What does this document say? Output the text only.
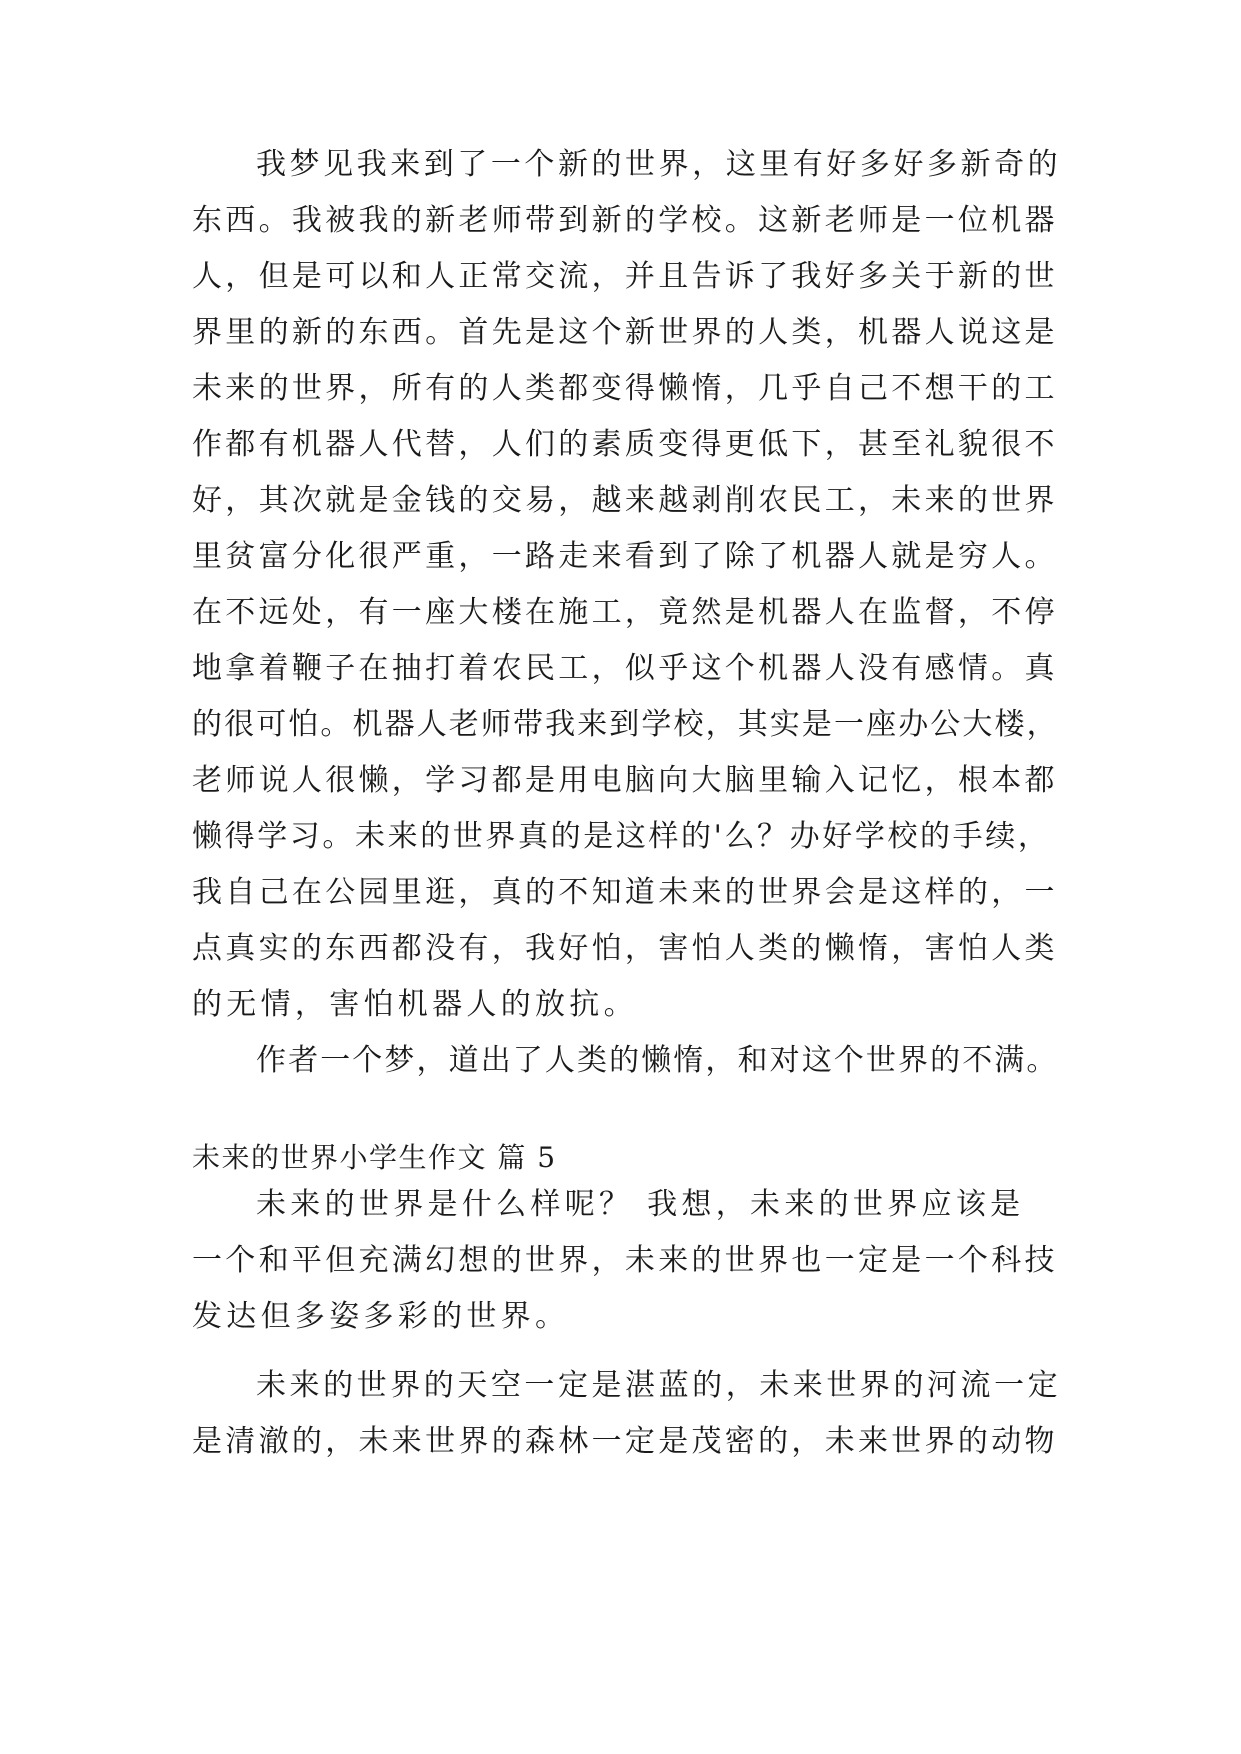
我梦见我来到了一个新的世界，这里有好多好多新奇的
东西。我被我的新老师带到新的学校。这新老师是一位机器
人，但是可以和人正常交流，并且告诉了我好多关于新的世
界里的新的东西。首先是这个新世界的人类，机器人说这是
未来的世界，所有的人类都变得懒惰，几乎自己不想干的工
作都有机器人代替，人们的素质变得更低下，甚至礼貌很不
好，其次就是金钱的交易，越来越剥削农民工，未来的世界
里贫富分化很严重，一路走来看到了除了机器人就是穷人。
在不远处，有一座大楼在施工，竟然是机器人在监督，不停
地拿着鞭子在抽打着农民工，似乎这个机器人没有感情。真
的很可怕。机器人老师带我来到学校，其实是一座办公大楼，
老师说人很懒，学习都是用电脑向大脑里输入记忆，根本都
懒得学习。未来的世界真的是这样的'么？办好学校的手续，
我自己在公园里逛，真的不知道未来的世界会是这样的，一
点真实的东西都没有，我好怕，害怕人类的懒惰，害怕人类
的无情，害怕机器人的放抗。
作者一个梦，道出了人类的懒惰，和对这个世界的不满。
未来的世界小学生作文 篇 5
未来的世界是什么样呢？ 我想，未来的世界应该是
一个和平但充满幻想的世界，未来的世界也一定是一个科技
发达但多姿多彩的世界。
未来的世界的天空一定是湛蓝的，未来世界的河流一定
是清澈的，未来世界的森林一定是茂密的，未来世界的动物
